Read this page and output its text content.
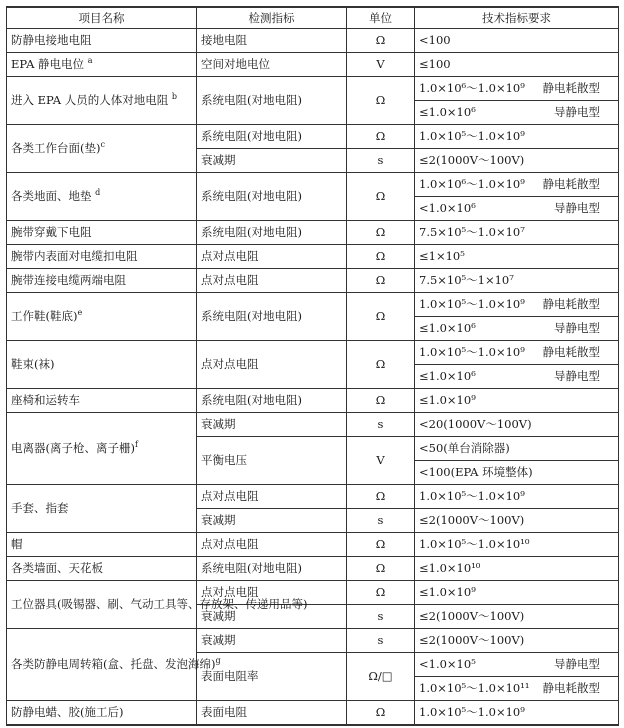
项目名称	检测指标	单位	技术指标要求
防静电接地电阻	接地电阻	Ω	<100
EPA 静电电位 $^a$	空间对地电位	V	≤100
进入 EPA 人员的人体对地电阻 $^b$	系统电阻(对地电阻)	Ω	1.0×10⁶～1.0×10⁹ 静电耗散型

			≤1.0×10⁶ 导静电型

各类工作台面(垫)$^c$	系统电阻(对地电阻)	Ω	1.0×10⁵～1.0×10⁹
	衰减期	s	≤2(1000V～100V)
各类地面、地垫 $^d$	系统电阻(对地电阻)	Ω	1.0×10⁶～1.0×10⁹ 静电耗散型

			<1.0×10⁶ 导静电型

腕带穿戴下电阻	系统电阻(对地电阻)	Ω	7.5×10⁵～1.0×10⁷
腕带内表面对电缆扣电阻	点对点电阻	Ω	≤1×10⁵
腕带连接电缆两端电阻	点对点电阻	Ω	7.5×10⁵～1×10⁷
工作鞋(鞋底)$^e$	系统电阻(对地电阻)	Ω	1.0×10⁵～1.0×10⁹ 静电耗散型

			≤1.0×10⁶ 导静电型

鞋束(袜)	点对点电阻	Ω	1.0×10⁵～1.0×10⁹ 静电耗散型

			≤1.0×10⁶ 导静电型

座椅和运转车	系统电阻(对地电阻)	Ω	≤1.0×10⁹
电离器(离子枪、离子栅)$^f$	衰减期	s	<20(1000V～100V)
	平衡电压	V	<50(单台消除器)
			<100(EPA 环境整体)
手套、指套	点对点电阻	Ω	1.0×10⁵～1.0×10⁹
	衰减期	s	≤2(1000V～100V)
帽	点对点电阻	Ω	1.0×10⁵～1.0×10¹⁰
各类墙面、天花板	系统电阻(对地电阻)	Ω	≤1.0×10¹⁰
工位器具(吸锡器、刷、气动工具等、存放架、传递用品等)	点对点电阻	Ω	≤1.0×10⁹
	衰减期	s	≤2(1000V～100V)
各类防静电周转箱(盒、托盘、发泡海绵)$^g$	衰减期	s	≤2(1000V～100V)
	表面电阻率	Ω/□	<1.0×10⁵ 导静电型

			1.0×10⁵～1.0×10¹¹ 静电耗散型

防静电蜡、胶(施工后)	表面电阻	Ω	1.0×10⁵～1.0×10⁹
